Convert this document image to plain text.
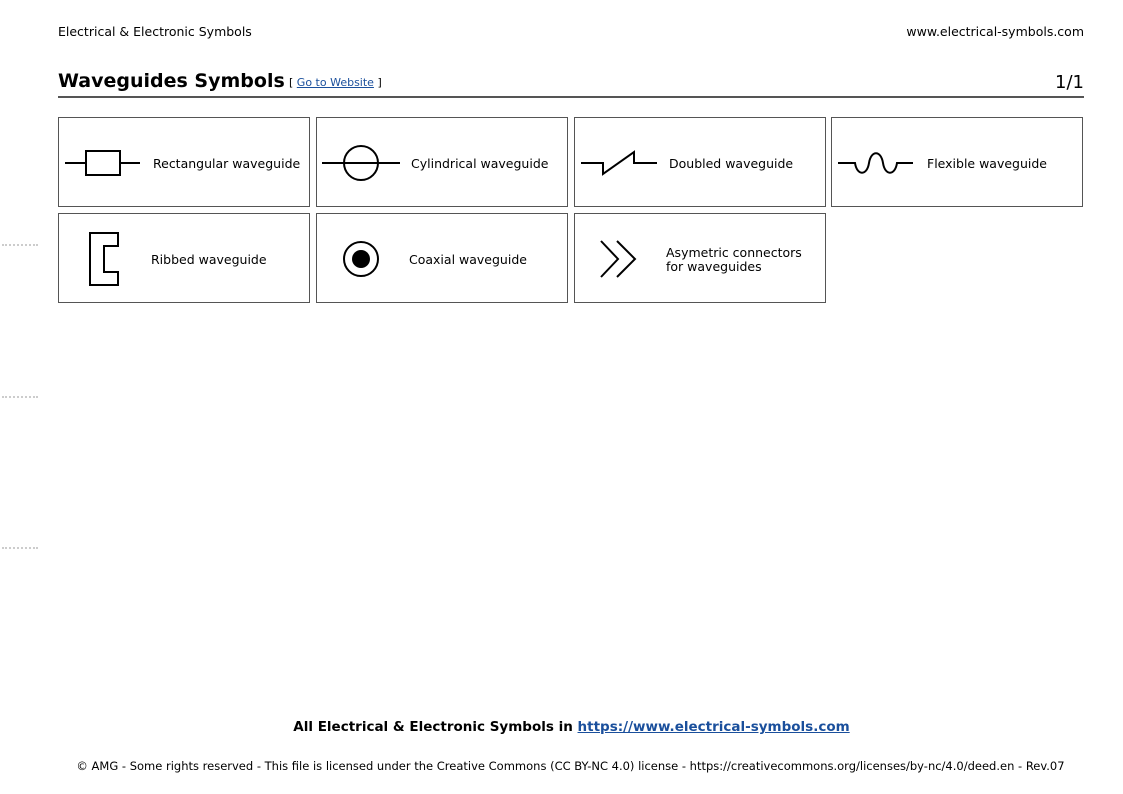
Electrical & Electronic Symbols	www.electrical-symbols.com
Waveguides Symbols [ Go to Website ]	1/1
Rectangular waveguide	Cylindrical waveguide	Doubled waveguide	Flexible waveguide
Ribbed waveguide	Coaxial waveguide	Asymetric connectors
for waveguides
All Electrical & Electronic Symbols in https://www.electrical-symbols.com
© AMG - Some rights reserved - This file is licensed under the Creative Commons (CC BY-NC 4.0) license - https://creativecommons.org/licenses/by-nc/4.0/deed.en - Rev.07
